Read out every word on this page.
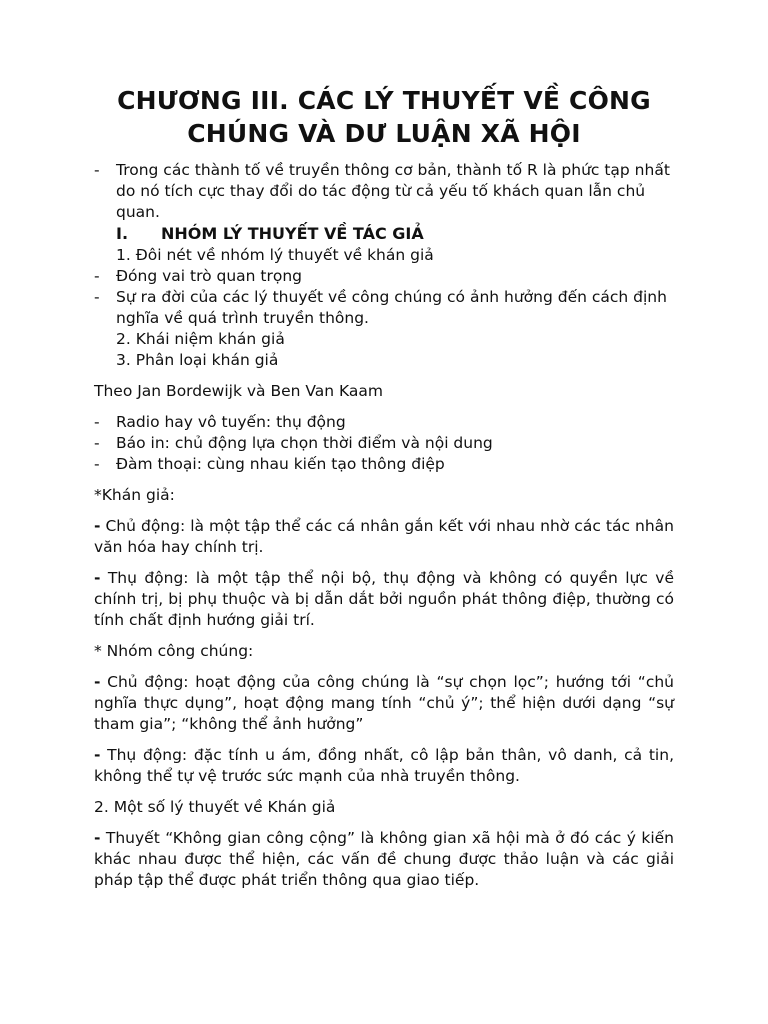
CHƯƠNG III. CÁC LÝ THUYẾT VỀ CÔNG
CHÚNG VÀ DƯ LUẬN XÃ HỘI
- Trong các thành tố về truyền thông cơ bản, thành tố R là phức tạp nhất do nó tích cực thay đổi do tác động từ cả yếu tố khách quan lẫn chủ quan.
I.	NHÓM LÝ THUYẾT VỀ TÁC GIẢ
1. Đôi nét về nhóm lý thuyết về khán giả
- Đóng vai trò quan trọng
- Sự ra đời của các lý thuyết về công chúng có ảnh hưởng đến cách định nghĩa về quá trình truyền thông.
2. Khái niệm khán giả
3. Phân loại khán giả
Theo Jan Bordewijk và Ben Van Kaam
- Radio hay vô tuyến: thụ động
- Báo in: chủ động lựa chọn thời điểm và nội dung
- Đàm thoại: cùng nhau kiến tạo thông điệp
*Khán giả:
- Chủ động: là một tập thể các cá nhân gắn kết với nhau nhờ các tác nhân văn hóa hay chính trị.
- Thụ động: là một tập thể nội bộ, thụ động và không có quyền lực về chính trị, bị phụ thuộc và bị dẫn dắt bởi nguồn phát thông điệp, thường có tính chất định hướng giải trí.
* Nhóm công chúng:
- Chủ động: hoạt động của công chúng là “sự chọn lọc”; hướng tới “chủ nghĩa thực dụng”, hoạt động mang tính “chủ ý”; thể hiện dưới dạng “sự tham gia”; “không thể ảnh hưởng”
- Thụ động: đặc tính u ám, đồng nhất, cô lập bản thân, vô danh, cả tin, không thể tự vệ trước sức mạnh của nhà truyền thông.
2. Một số lý thuyết về Khán giả
- Thuyết “Không gian công cộng” là không gian xã hội mà ở đó các ý kiến khác nhau được thể hiện, các vấn đề chung được thảo luận và các giải pháp tập thể được phát triển thông qua giao tiếp.
